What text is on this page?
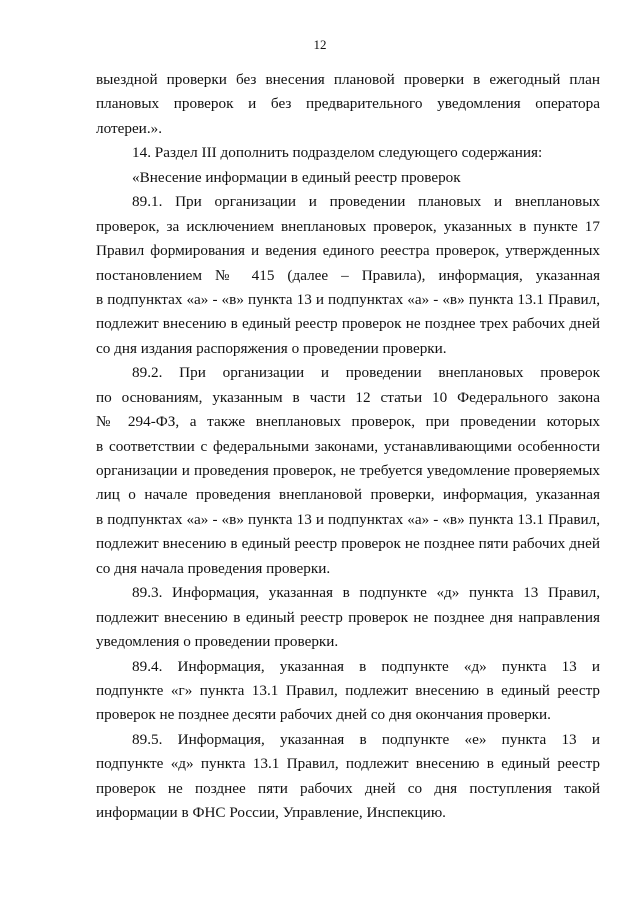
12
выездной проверки без внесения плановой проверки в ежегодный план
плановых проверок и без предварительного уведомления оператора
лотереи.».
14. Раздел III дополнить подразделом следующего содержания:
«Внесение информации в единый реестр проверок
89.1. При организации и проведении плановых и внеплановых
проверок, за исключением внеплановых проверок, указанных в пункте 17
Правил формирования и ведения единого реестра проверок, утвержденных
постановлением № 415 (далее – Правила), информация, указанная
в подпунктах «а» - «в» пункта 13 и подпунктах «а» - «в» пункта 13.1 Правил,
подлежит внесению в единый реестр проверок не позднее трех рабочих дней
со дня издания распоряжения о проведении проверки.
89.2. При организации и проведении внеплановых проверок
по основаниям, указанным в части 12 статьи 10 Федерального закона
№ 294-ФЗ, а также внеплановых проверок, при проведении которых
в соответствии с федеральными законами, устанавливающими особенности
организации и проведения проверок, не требуется уведомление проверяемых
лиц о начале проведения внеплановой проверки, информация, указанная
в подпунктах «а» - «в» пункта 13 и подпунктах «а» - «в» пункта 13.1 Правил,
подлежит внесению в единый реестр проверок не позднее пяти рабочих дней
со дня начала проведения проверки.
89.3. Информация, указанная в подпункте «д» пункта 13 Правил,
подлежит внесению в единый реестр проверок не позднее дня направления
уведомления о проведении проверки.
89.4. Информация, указанная в подпункте «д» пункта 13 и
подпункте «г» пункта 13.1 Правил, подлежит внесению в единый реестр
проверок не позднее десяти рабочих дней со дня окончания проверки.
89.5. Информация, указанная в подпункте «е» пункта 13 и
подпункте «д» пункта 13.1 Правил, подлежит внесению в единый реестр
проверок не позднее пяти рабочих дней со дня поступления такой
информации в ФНС России, Управление, Инспекцию.
